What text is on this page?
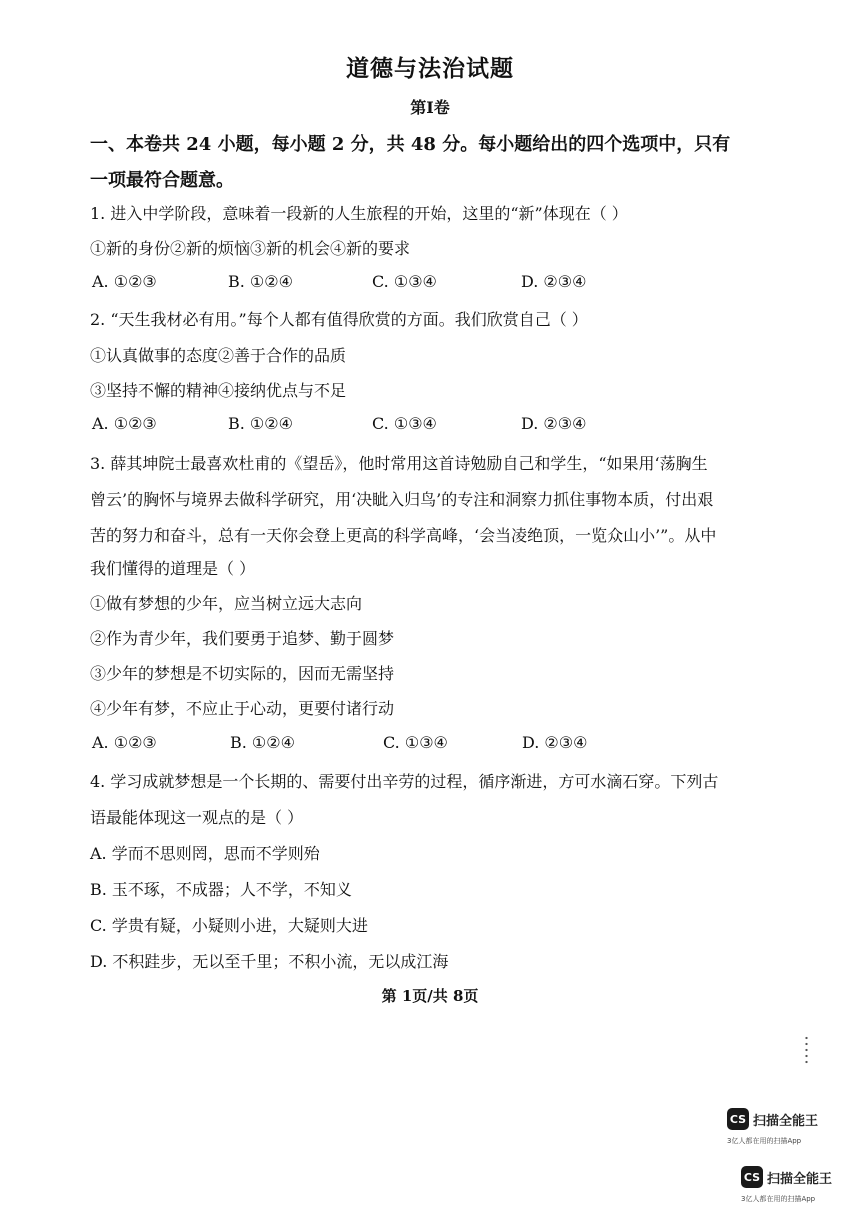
道德与法治试题
第I卷
一、本卷共 24 小题，每小题 2 分，共 48 分。每小题给出的四个选项中，只有
一项最符合题意。
1. 进入中学阶段，意味着一段新的人生旅程的开始，这里的“新”体现在（ ）
①新的身份②新的烦恼③新的机会④新的要求
A. ①②③	B. ①②④	C. ①③④	D. ②③④
2. “天生我材必有用。”每个人都有值得欣赏的方面。我们欣赏自己（ ）
①认真做事的态度②善于合作的品质
③坚持不懈的精神④接纳优点与不足
A. ①②③	B. ①②④	C. ①③④	D. ②③④
3. 薛其坤院士最喜欢杜甫的《望岳》，他时常用这首诗勉励自己和学生，“如果用‘荡胸生
曾云’的胸怀与境界去做科学研究，用‘决眦入归鸟’的专注和洞察力抓住事物本质，付出艰
苦的努力和奋斗，总有一天你会登上更高的科学高峰，‘会当凌绝顶，一览众山小’”。从中
我们懂得的道理是（ ）
①做有梦想的少年，应当树立远大志向
②作为青少年，我们要勇于追梦、勤于圆梦
③少年的梦想是不切实际的，因而无需坚持
④少年有梦，不应止于心动，更要付诸行动
A. ①②③	B. ①②④	C. ①③④	D. ②③④
4. 学习成就梦想是一个长期的、需要付出辛劳的过程，循序渐进，方可水滴石穿。下列古
语最能体现这一观点的是（ ）
A. 学而不思则罔，思而不学则殆
B. 玉不琢，不成器；人不学，不知义
C. 学贵有疑，小疑则小进，大疑则大进
D. 不积跬步，无以至千里；不积小流，无以成江海
第 1页/共 8页
CS 扫描全能王
3亿人都在用的扫描App
CS 扫描全能王
3亿人都在用的扫描App
